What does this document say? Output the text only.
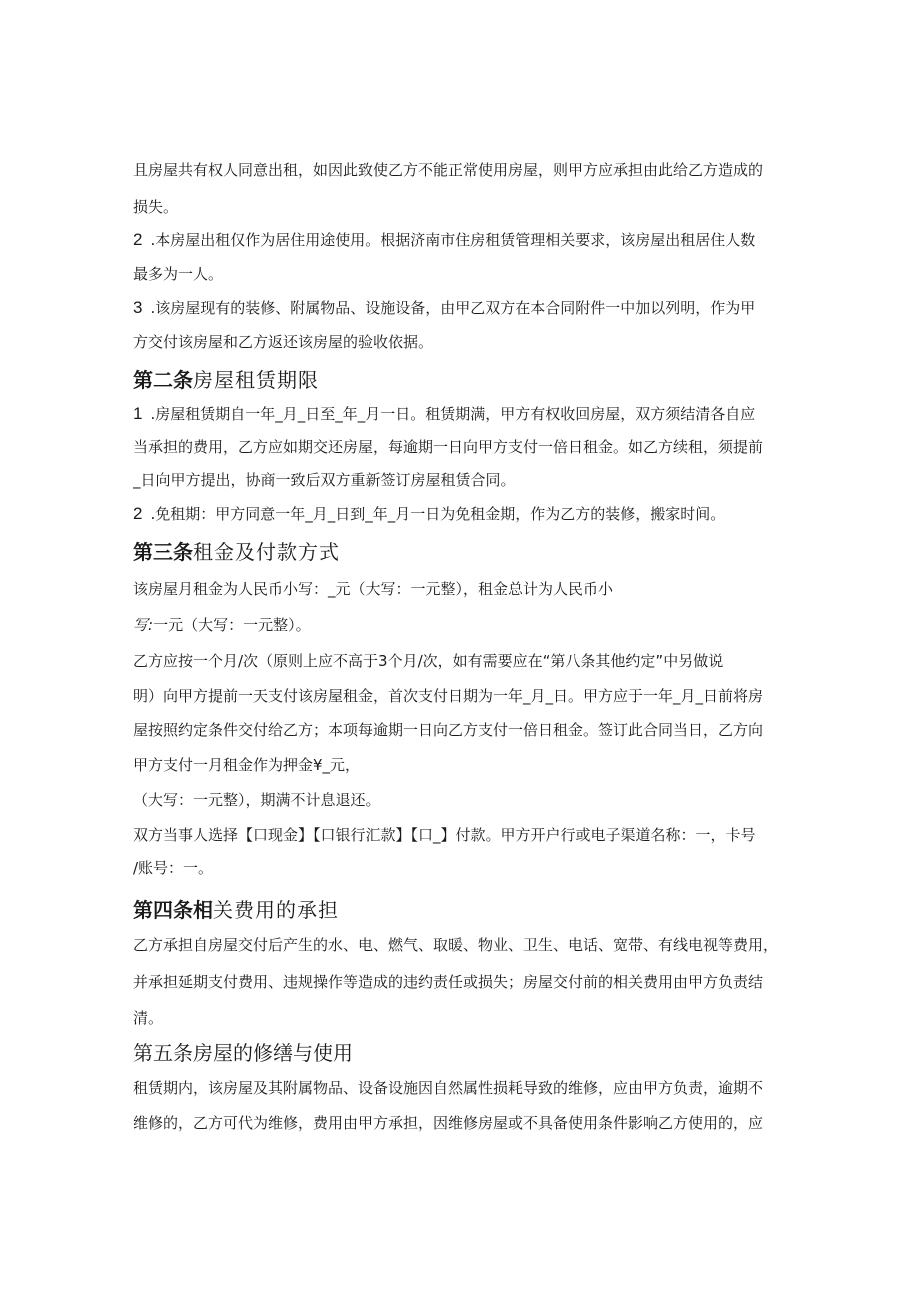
且房屋共有权人同意出租，如因此致使乙方不能正常使用房屋，则甲方应承担由此给乙方造成的
损失。
2 .本房屋出租仅作为居住用途使用。根据济南市住房租赁管理相关要求，该房屋出租居住人数
最多为一人。
3 .该房屋现有的装修、附属物品、设施设备，由甲乙双方在本合同附件一中加以列明，作为甲
方交付该房屋和乙方返还该房屋的验收依据。
第二条房屋租赁期限
1 .房屋租赁期自一年_月_日至_年_月一日。租赁期满，甲方有权收回房屋，双方须结清各自应
当承担的费用，乙方应如期交还房屋，每逾期一日向甲方支付一倍日租金。如乙方续租，须提前
_日向甲方提出，协商一致后双方重新签订房屋租赁合同。
2 .免租期：甲方同意一年_月_日到_年_月一日为免租金期，作为乙方的装修，搬家时间。
第三条租金及付款方式
该房屋月租金为人民币小写：_元（大写：一元整），租金总计为人民币小
写:一元（大写：一元整）。
乙方应按一个月/次（原则上应不高于3个月/次，如有需要应在“第八条其他约定”中另做说
明）向甲方提前一天支付该房屋租金，首次支付日期为一年_月_日。甲方应于一年_月_日前将房
屋按照约定条件交付给乙方；本项每逾期一日向乙方支付一倍日租金。签订此合同当日，乙方向
甲方支付一月租金作为押金¥_元，
（大写：一元整），期满不计息退还。
双方当事人选择【口现金】【口银行汇款】【口_】付款。甲方开户行或电子渠道名称：一，卡号
/账号：一。
第四条相关费用的承担
乙方承担自房屋交付后产生的水、电、燃气、取暖、物业、卫生、电话、宽带、有线电视等费用，
并承担延期支付费用、违规操作等造成的违约责任或损失；房屋交付前的相关费用由甲方负责结
清。
第五条房屋的修缮与使用
租赁期内，该房屋及其附属物品、设备设施因自然属性损耗导致的维修，应由甲方负责，逾期不
维修的，乙方可代为维修，费用由甲方承担，因维修房屋或不具备使用条件影响乙方使用的，应
